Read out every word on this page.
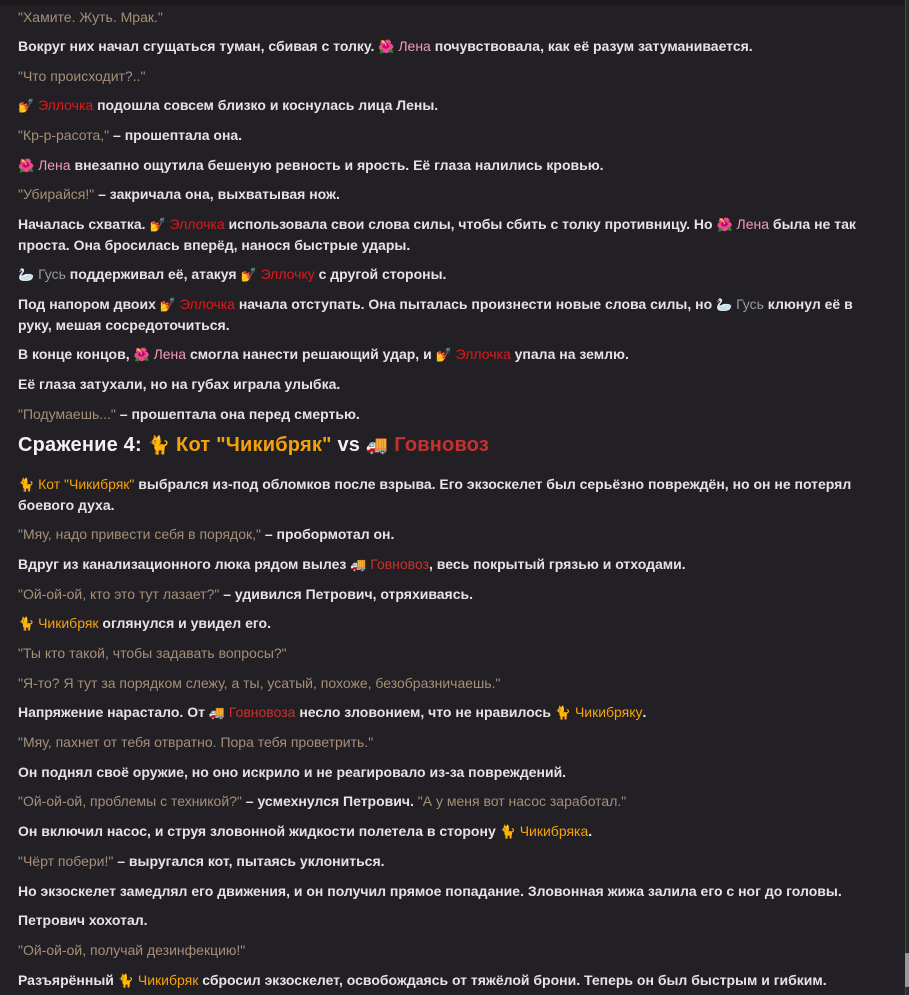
"Хамите. Жуть. Мрак."

Вокруг них начал сгущаться туман, сбивая с толку. 🌺 Лена почувствовала, как её разум затуманивается.

"Что происходит?.."

💅 Эллочка подошла совсем близко и коснулась лица Лены.

"Кр-р-расота," – прошептала она.

🌺 Лена внезапно ощутила бешеную ревность и ярость. Её глаза налились кровью.

"Убирайся!" – закричала она, выхватывая нож.

Началась схватка. 💅 Эллочка использовала свои слова силы, чтобы сбить с толку противницу. Но 🌺 Лена была не так проста. Она бросилась вперёд, нанося быстрые удары.

🦢 Гусь поддерживал её, атакуя 💅 Эллочку с другой стороны.

Под напором двоих 💅 Эллочка начала отступать. Она пыталась произнести новые слова силы, но 🦢 Гусь клюнул её в руку, мешая сосредоточиться.

В конце концов, 🌺 Лена смогла нанести решающий удар, и 💅 Эллочка упала на землю.

Её глаза затухали, но на губах играла улыбка.

"Подумаешь..." – прошептала она перед смертью.

Сражение 4: 🐈 Кот "Чикибряк" vs 🚚 Говновоз

🐈 Кот "Чикибряк" выбрался из-под обломков после взрыва. Его экзоскелет был серьёзно повреждён, но он не потерял боевого духа.

"Мяу, надо привести себя в порядок," – пробормотал он.

Вдруг из канализационного люка рядом вылез 🚚 Говновоз, весь покрытый грязью и отходами.

"Ой-ой-ой, кто это тут лазает?" – удивился Петрович, отряхиваясь.

🐈 Чикибряк оглянулся и увидел его.

"Ты кто такой, чтобы задавать вопросы?"

"Я-то? Я тут за порядком слежу, а ты, усатый, похоже, безобразничаешь."

Напряжение нарастало. От 🚚 Говновоза несло зловонием, что не нравилось 🐈 Чикибряку.

"Мяу, пахнет от тебя отвратно. Пора тебя проветрить."

Он поднял своё оружие, но оно искрило и не реагировало из-за повреждений.

"Ой-ой-ой, проблемы с техникой?" – усмехнулся Петрович. "А у меня вот насос заработал."

Он включил насос, и струя зловонной жидкости полетела в сторону 🐈 Чикибряка.

"Чёрт побери!" – выругался кот, пытаясь уклониться.

Но экзоскелет замедлял его движения, и он получил прямое попадание. Зловонная жижа залила его с ног до головы.

Петрович хохотал.

"Ой-ой-ой, получай дезинфекцию!"

Разъярённый 🐈 Чикибряк сбросил экзоскелет, освобождаясь от тяжёлой брони. Теперь он был быстрым и гибким.
